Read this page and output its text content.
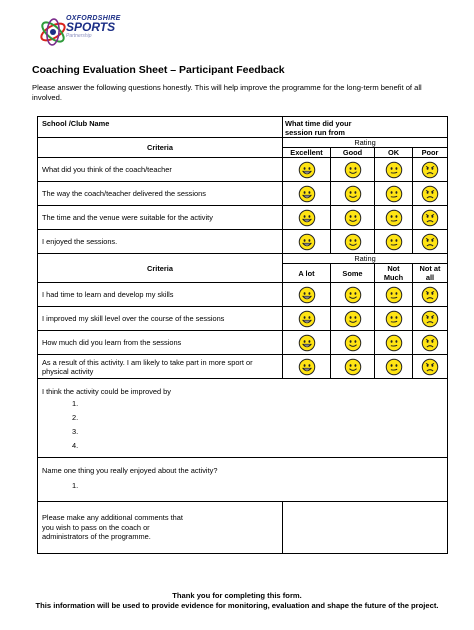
OXFORDSHIRE
SPORTS
Partnership
Coaching Evaluation Sheet – Participant Feedback

Please answer the following questions honestly. This will help improve the programme for the long-term benefit of all involved.

School /Club Name	What time did your session run from			

Criteria	Rating			
	Excellent	Good	OK	Poor
What did you think of the coach/teacher	

The way the coach/teacher delivered the sessions	

The time and the venue were suitable for the activity	

I enjoyed the sessions.	

Criteria	Rating			
	A lot	Some	Not Much	Not at all
I had time to learn and develop my skills	

I improved my skill level over the course of the sessions	

How much did you learn from the sessions	

As a result of this activity. I am likely to take part in more sport or physical activity	

I think the activity could be improved by
1.
2.
3.
4.				

Name one thing you really enjoyed about the activity?
1.				

Please make any additional comments that you wish to pass on the coach or administrators of the programme.				

Thank you for completing this form.

This information will be used to provide evidence for monitoring, evaluation and shape the future of the project.
